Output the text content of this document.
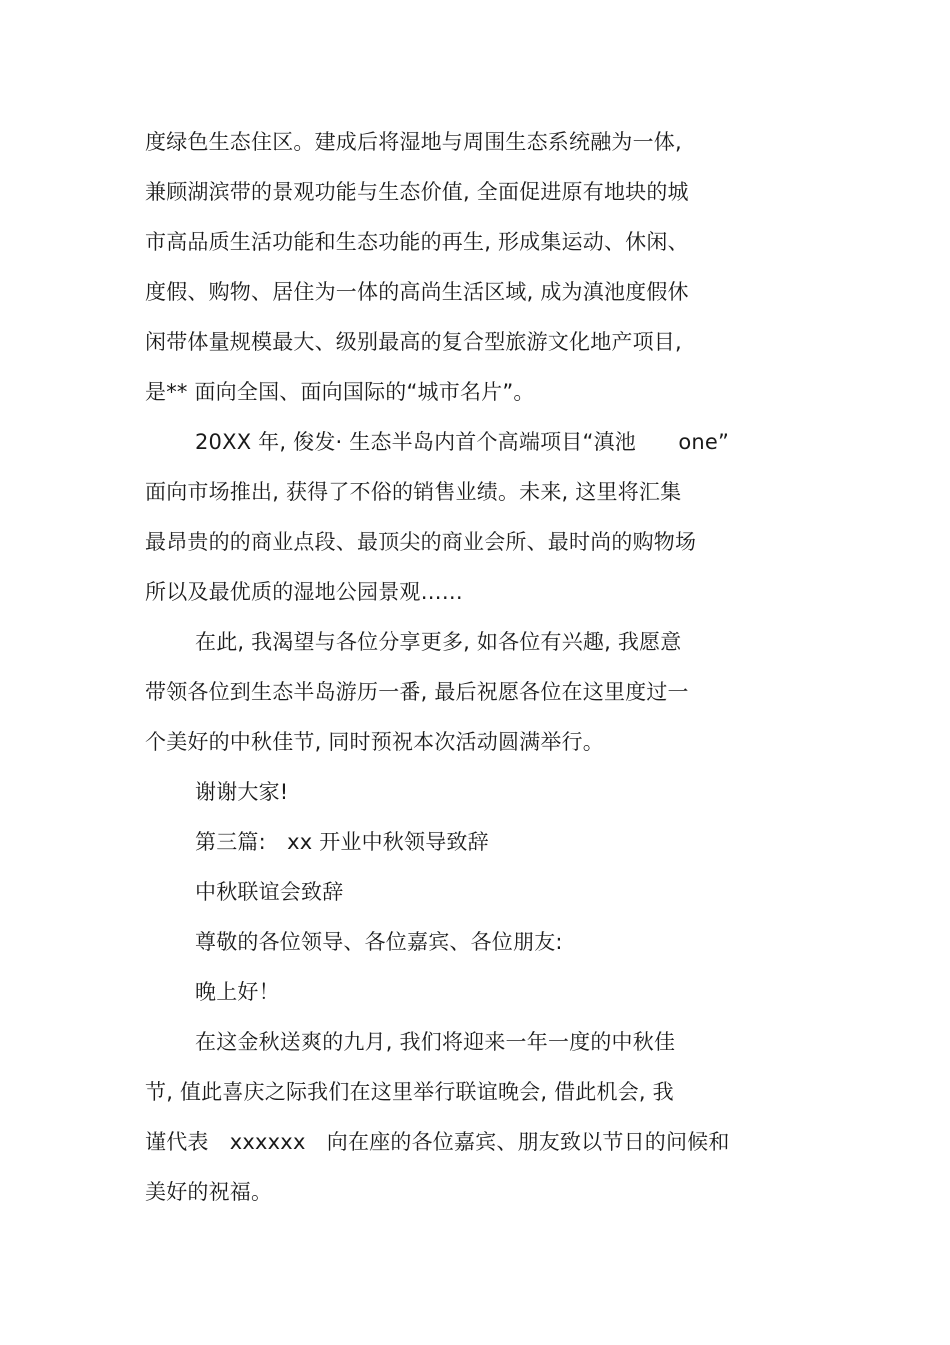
度绿色生态住区。建成后将湿地与周围生态系统融为一体,
兼顾湖滨带的景观功能与生态价值, 全面促进原有地块的城
市高品质生活功能和生态功能的再生, 形成集运动、休闲、
度假、购物、居住为一体的高尚生活区域, 成为滇池度假休
闲带体量规模最大、级别最高的复合型旅游文化地产项目,
是** 面向全国、面向国际的“城市名片”。
20XX 年, 俊发· 生态半岛内首个高端项目“滇池　　one”
面向市场推出, 获得了不俗的销售业绩。未来, 这里将汇集
最昂贵的的商业点段、最顶尖的商业会所、最时尚的购物场
所以及最优质的湿地公园景观……
在此, 我渴望与各位分享更多, 如各位有兴趣, 我愿意
带领各位到生态半岛游历一番, 最后祝愿各位在这里度过一
个美好的中秋佳节, 同时预祝本次活动圆满举行。
谢谢大家!
第三篇:　xx 开业中秋领导致辞
中秋联谊会致辞
尊敬的各位领导、各位嘉宾、各位朋友:
晚上好！
在这金秋送爽的九月, 我们将迎来一年一度的中秋佳
节, 值此喜庆之际我们在这里举行联谊晚会, 借此机会, 我
谨代表　xxxxxx　向在座的各位嘉宾、朋友致以节日的问候和
美好的祝福。
